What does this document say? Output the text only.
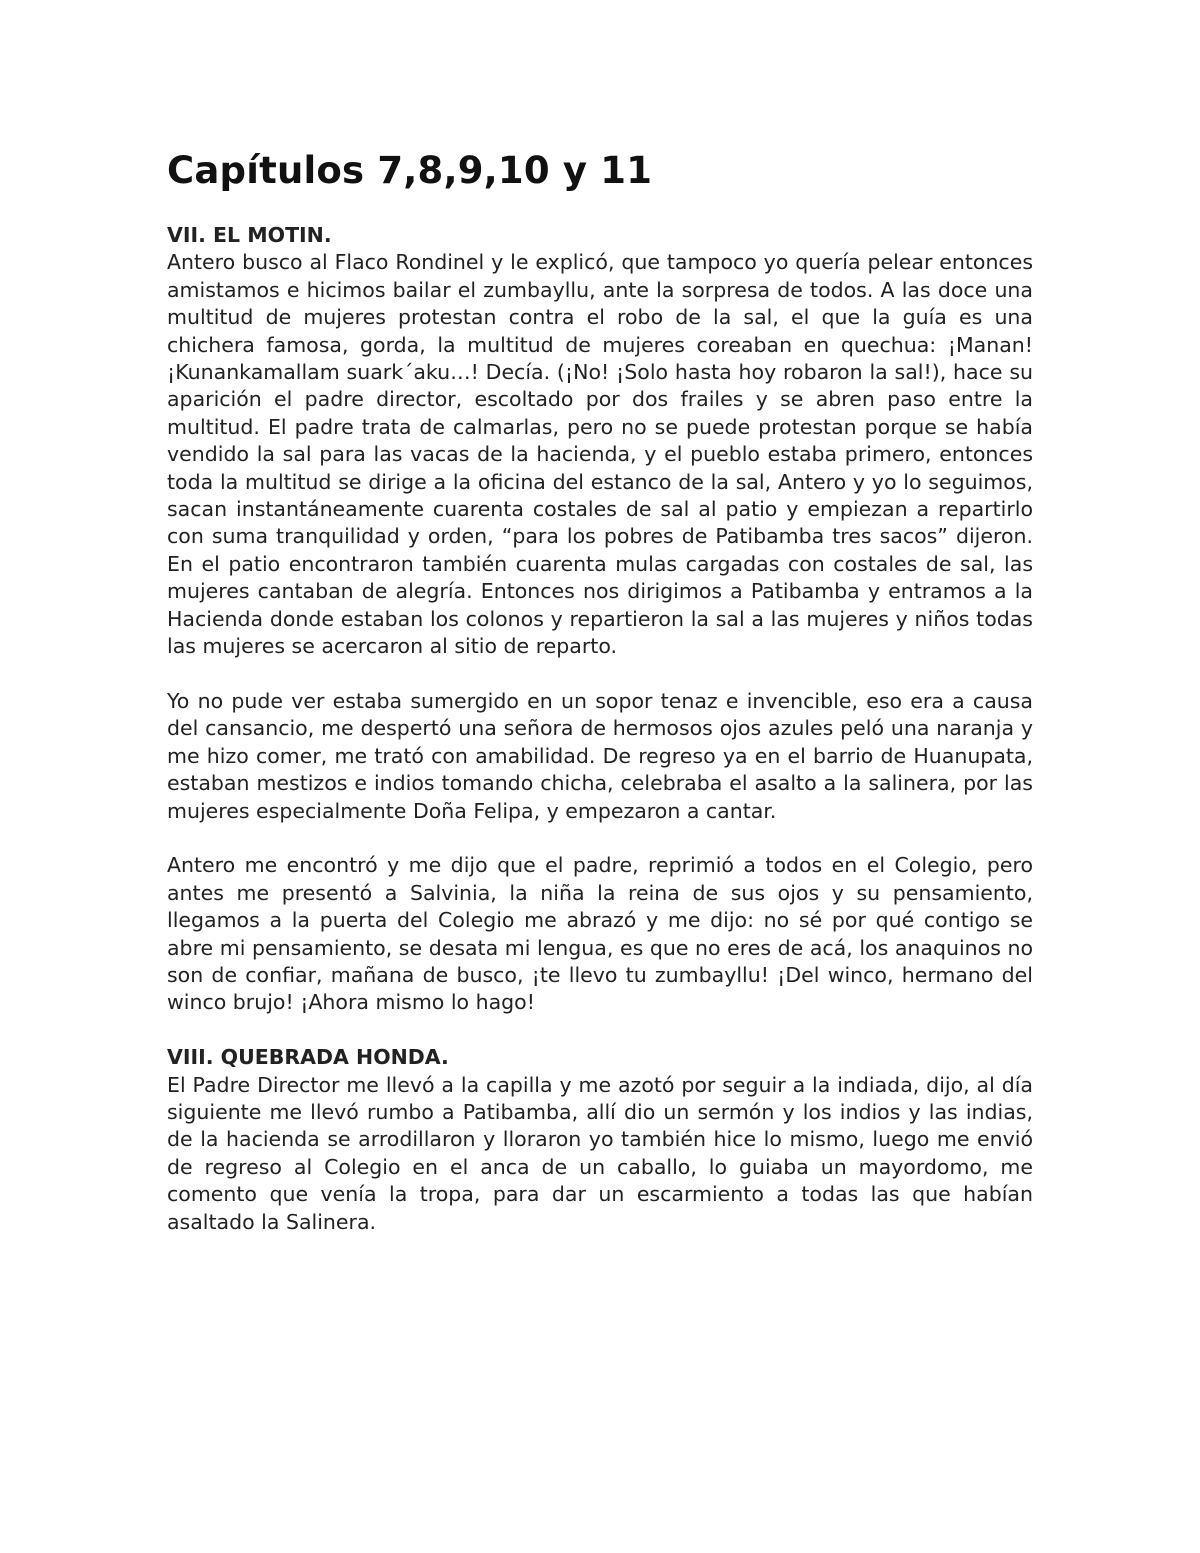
Capítulos 7,8,9,10 y 11
VII. EL MOTIN.

Antero busco al Flaco Rondinel y le explicó, que tampoco yo quería pelear entonces amistamos e hicimos bailar el zumbayllu, ante la sorpresa de todos. A las doce una multitud de mujeres protestan contra el robo de la sal, el que la guía es una chichera famosa, gorda, la multitud de mujeres coreaban en quechua: ¡Manan! ¡Kunankamallam suark´aku…! Decía. (¡No! ¡Solo hasta hoy robaron la sal!), hace su aparición el padre director, escoltado por dos frailes y se abren paso entre la multitud. El padre trata de calmarlas, pero no se puede protestan porque se había vendido la sal para las vacas de la hacienda, y el pueblo estaba primero, entonces toda la multitud se dirige a la oficina del estanco de la sal, Antero y yo lo seguimos, sacan instantáneamente cuarenta costales de sal al patio y empiezan a repartirlo con suma tranquilidad y orden, “para los pobres de Patibamba tres sacos” dijeron. En el patio encontraron también cuarenta mulas cargadas con costales de sal, las mujeres cantaban de alegría. Entonces nos dirigimos a Patibamba y entramos a la Hacienda donde estaban los colonos y repartieron la sal a las mujeres y niños todas las mujeres se acercaron al sitio de reparto.

Yo no pude ver estaba sumergido en un sopor tenaz e invencible, eso era a causa del cansancio, me despertó una señora de hermosos ojos azules peló una naranja y me hizo comer, me trató con amabilidad. De regreso ya en el barrio de Huanupata, estaban mestizos e indios tomando chicha, celebraba el asalto a la salinera, por las mujeres especialmente Doña Felipa, y empezaron a cantar.

Antero me encontró y me dijo que el padre, reprimió a todos en el Colegio, pero antes me presentó a Salvinia, la niña la reina de sus ojos y su pensamiento, llegamos a la puerta del Colegio me abrazó y me dijo: no sé por qué contigo se abre mi pensamiento, se desata mi lengua, es que no eres de acá, los anaquinos no son de confiar, mañana de busco, ¡te llevo tu zumbayllu! ¡Del winco, hermano del winco brujo! ¡Ahora mismo lo hago!

VIII. QUEBRADA HONDA.

El Padre Director me llevó a la capilla y me azotó por seguir a la indiada, dijo, al día siguiente me llevó rumbo a Patibamba, allí dio un sermón y los indios y las indias, de la hacienda se arrodillaron y lloraron yo también hice lo mismo, luego me envió de regreso al Colegio en el anca de un caballo, lo guiaba un mayordomo, me comento que venía la tropa, para dar un escarmiento a todas las que habían asaltado la Salinera.
